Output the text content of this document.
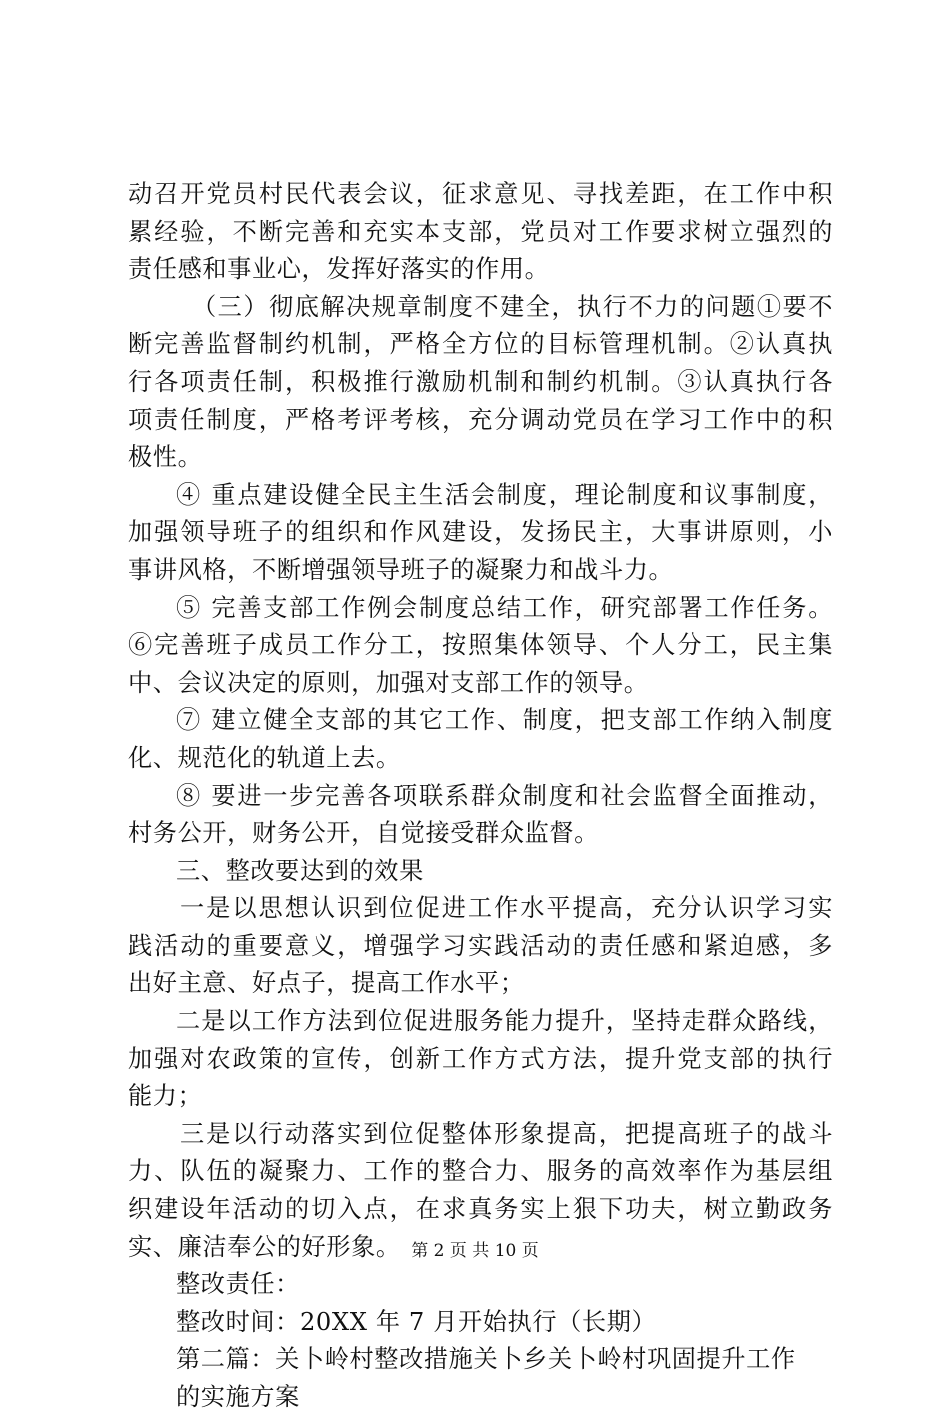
动召开党员村民代表会议，征求意见、寻找差距，在工作中积
累经验，不断完善和充实本支部，党员对工作要求树立强烈的
责任感和事业心，发挥好落实的作用。
（三）彻底解决规章制度不建全，执行不力的问题①要不
断完善监督制约机制，严格全方位的目标管理机制。②认真执
行各项责任制，积极推行激励机制和制约机制。③认真执行各
项责任制度，严格考评考核，充分调动党员在学习工作中的积
极性。
④ 重点建设健全民主生活会制度，理论制度和议事制度，
加强领导班子的组织和作风建设，发扬民主，大事讲原则，小
事讲风格，不断增强领导班子的凝聚力和战斗力。
⑤ 完善支部工作例会制度总结工作，研究部署工作任务。
⑥完善班子成员工作分工，按照集体领导、个人分工，民主集
中、会议决定的原则，加强对支部工作的领导。
⑦ 建立健全支部的其它工作、制度，把支部工作纳入制度
化、规范化的轨道上去。
⑧ 要进一步完善各项联系群众制度和社会监督全面推动，
村务公开，财务公开，自觉接受群众监督。
三、整改要达到的效果
一是以思想认识到位促进工作水平提高，充分认识学习实
践活动的重要意义，增强学习实践活动的责任感和紧迫感，多
出好主意、好点子，提高工作水平；
二是以工作方法到位促进服务能力提升，坚持走群众路线，
加强对农政策的宣传，创新工作方式方法，提升党支部的执行
能力；
三是以行动落实到位促整体形象提高，把提高班子的战斗
力、队伍的凝聚力、工作的整合力、服务的高效率作为基层组
织建设年活动的切入点，在求真务实上狠下功夫，树立勤政务
实、廉洁奉公的好形象。
整改责任：
整改时间：20XX 年 7 月开始执行（长期）
第二篇：关卜岭村整改措施关卜乡关卜岭村巩固提升工作
的实施方案
第 2 页 共 10 页
